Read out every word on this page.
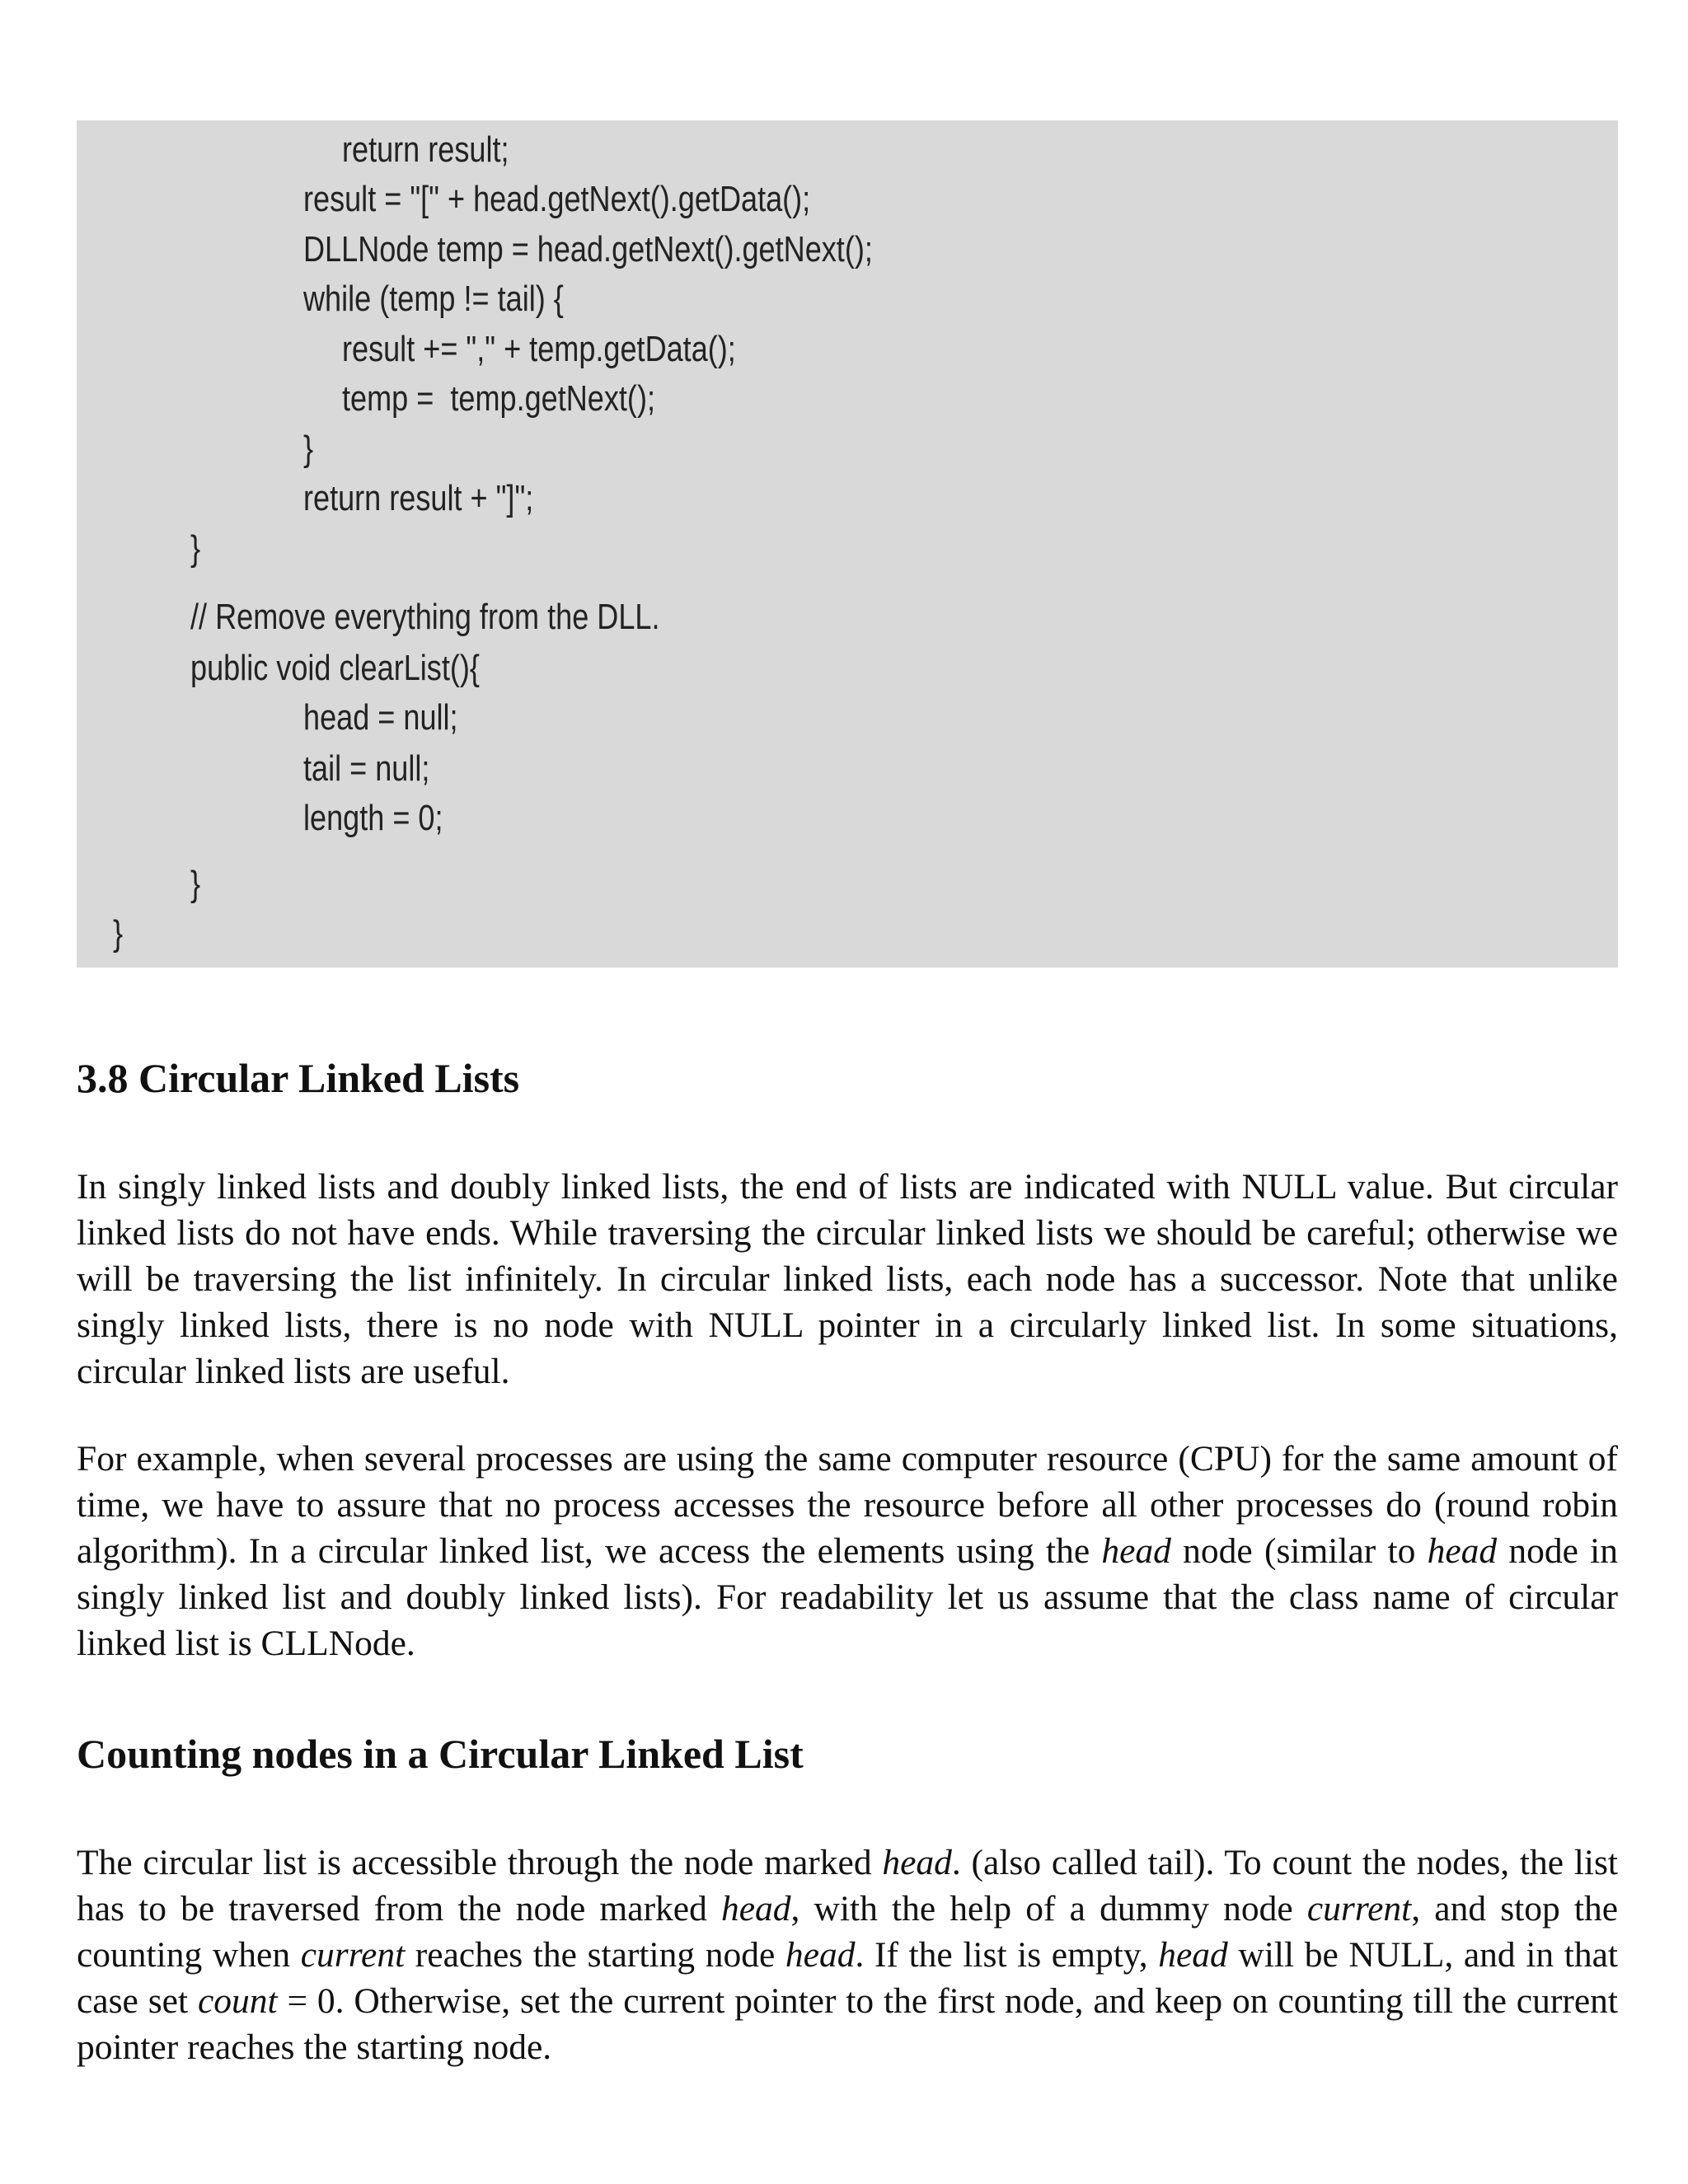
return result;
result = "[" + head.getNext().getData();
DLLNode temp = head.getNext().getNext();
while (temp != tail) {
result += "," + temp.getData();
temp =  temp.getNext();
}
return result + "]";
}
// Remove everything from the DLL.
public void clearList(){
head = null;
tail = null;
length = 0;
}
}
3.8 Circular Linked Lists

In singly linked lists and doubly linked lists, the end of lists are indicated with NULL value. But circular linked lists do not have ends. While traversing the circular linked lists we should be careful; otherwise we will be traversing the list infinitely. In circular linked lists, each node has a successor. Note that unlike singly linked lists, there is no node with NULL pointer in a circularly linked list. In some situations, circular linked lists are useful.

For example, when several processes are using the same computer resource (CPU) for the same amount of time, we have to assure that no process accesses the resource before all other processes do (round robin algorithm). In a circular linked list, we access the elements using the head node (similar to head node in singly linked list and doubly linked lists). For readability let us assume that the class name of circular linked list is CLLNode.

Counting nodes in a Circular Linked List

The circular list is accessible through the node marked head. (also called tail). To count the nodes, the list has to be traversed from the node marked head, with the help of a dummy node current, and stop the counting when current reaches the starting node head. If the list is empty, head will be NULL, and in that case set count = 0. Otherwise, set the current pointer to the first node, and keep on counting till the current pointer reaches the starting node.
